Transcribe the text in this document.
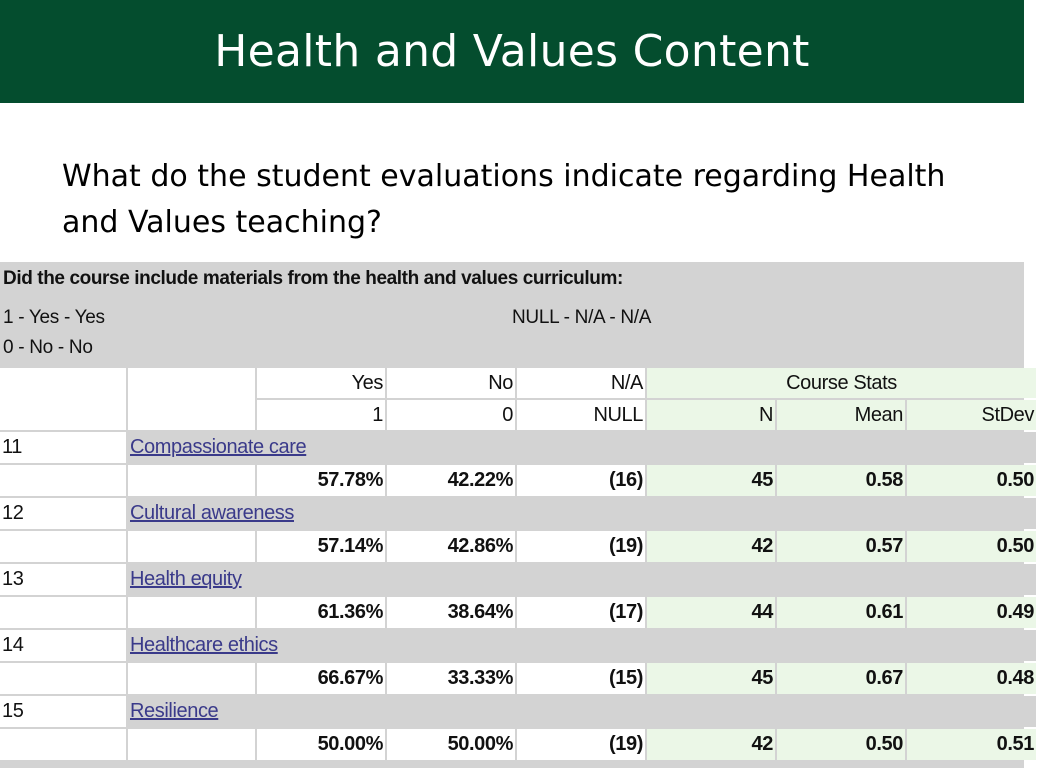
Health and Values Content
What do the student evaluations indicate regarding Health and Values teaching?
Did the course include materials from the health and values curriculum:
1 - Yes - Yes
0 - No - No
NULL - N/A - N/A
		Yes	No	N/A	Course Stats		
		1	0	NULL	N	Mean	StDev
11	Compassionate care						
		57.78%	42.22%	(16)	45	0.58	0.50
12	Cultural awareness						
		57.14%	42.86%	(19)	42	0.57	0.50
13	Health equity						
		61.36%	38.64%	(17)	44	0.61	0.49
14	Healthcare ethics						
		66.67%	33.33%	(15)	45	0.67	0.48
15	Resilience						
		50.00%	50.00%	(19)	42	0.50	0.51
